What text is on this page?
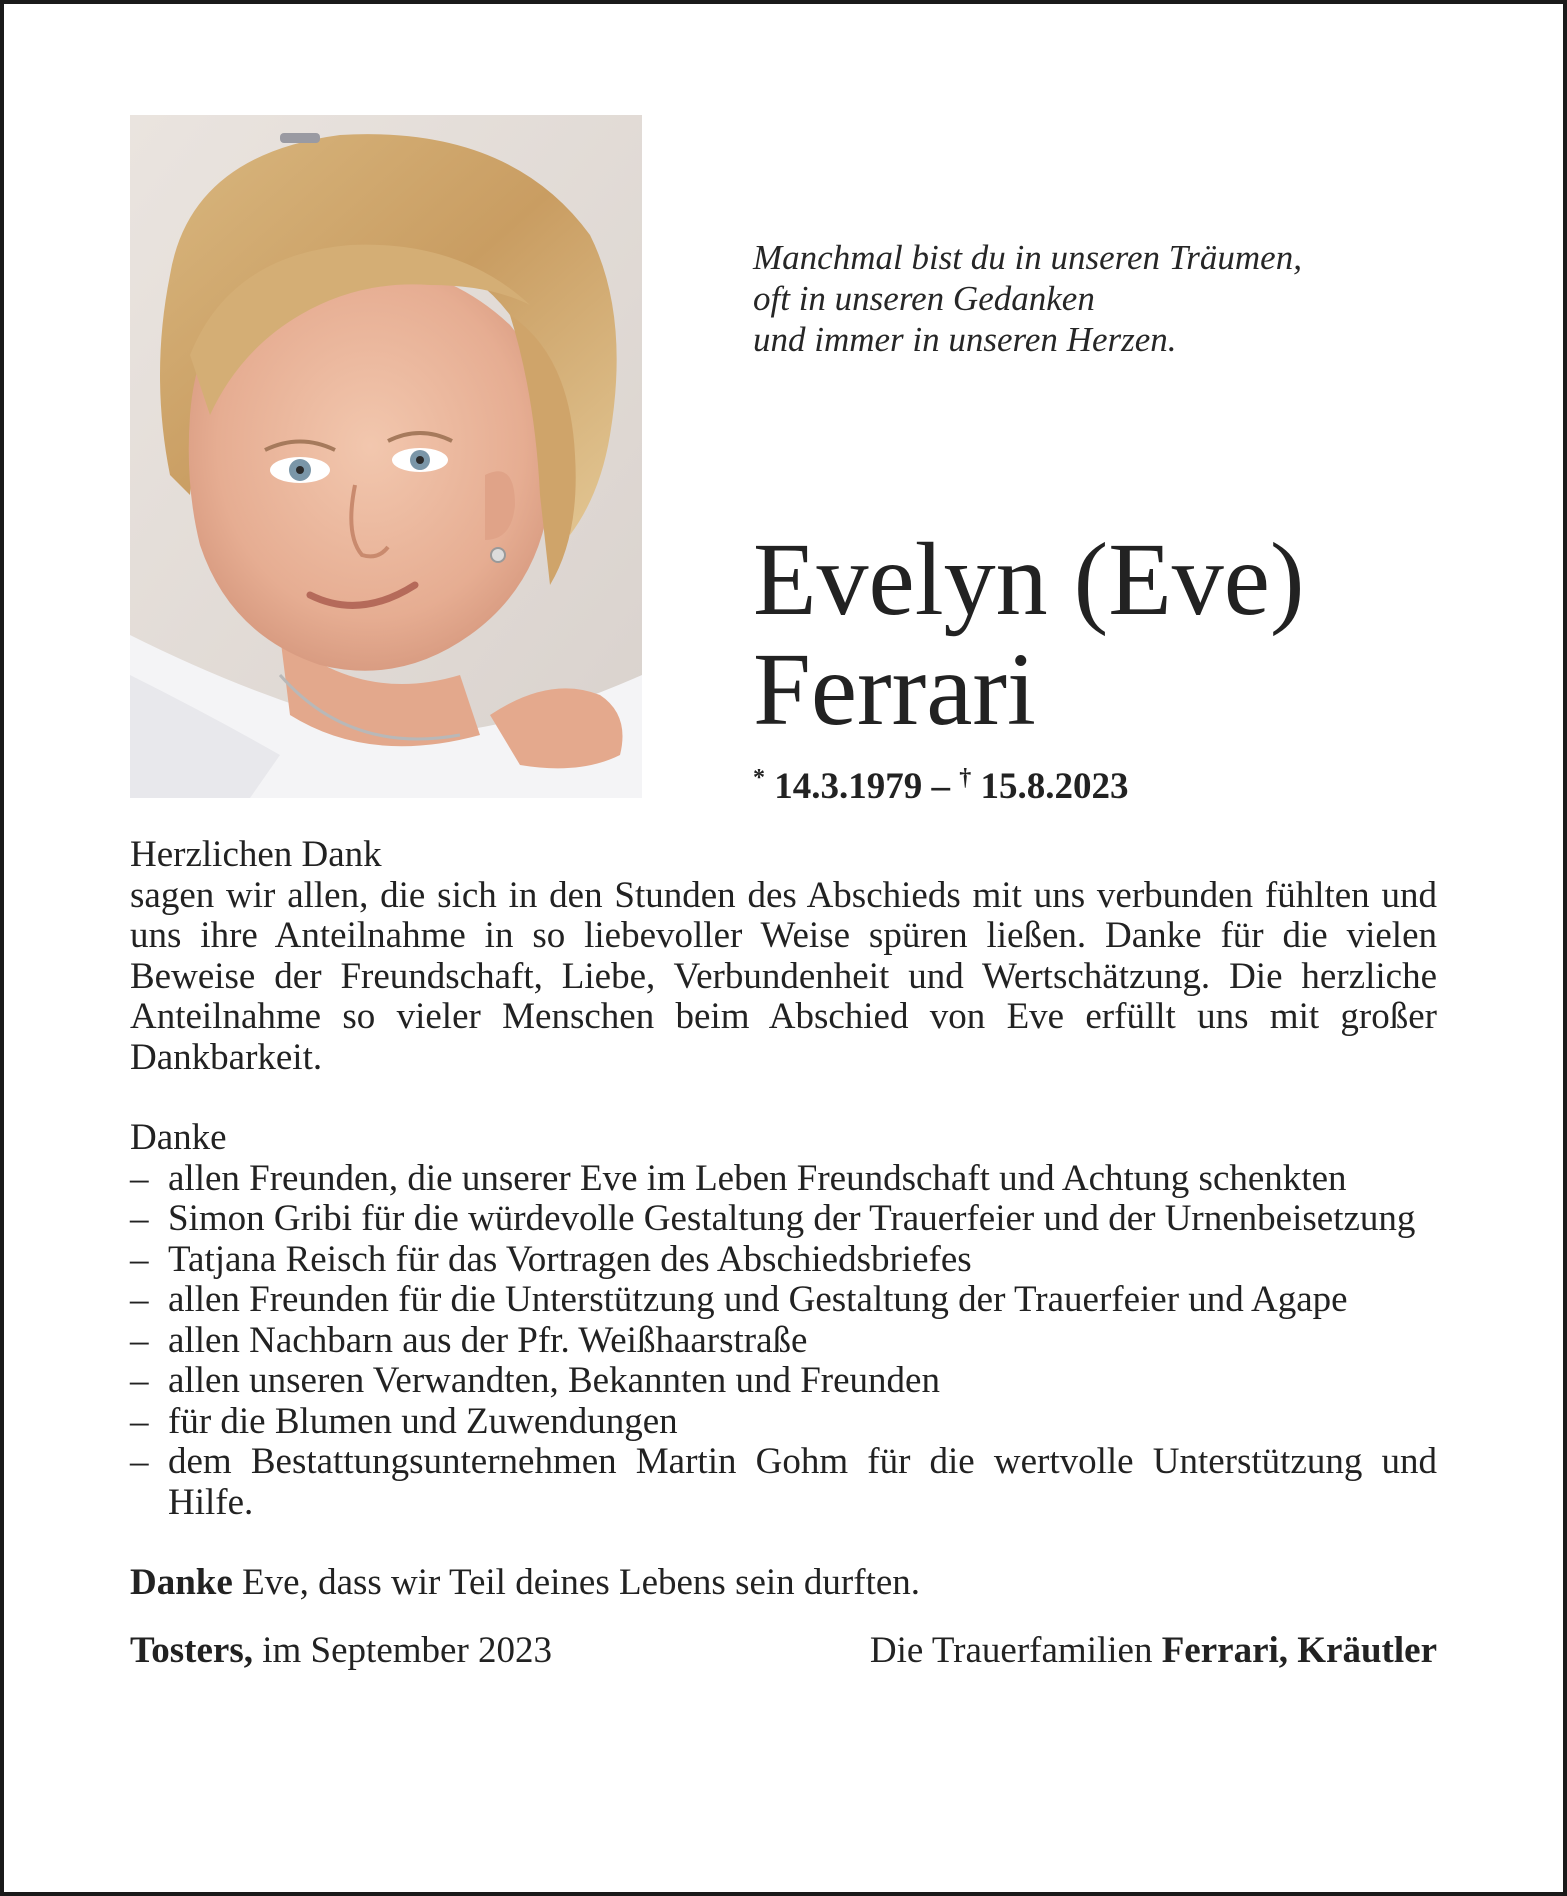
Manchmal bist du in unseren Träumen,
oft in unseren Gedanken
und immer in unseren Herzen.
Evelyn (Eve)
Ferrari
* 14.3.1979 – † 15.8.2023

Herzlichen Dank

sagen wir allen, die sich in den Stunden des Abschieds mit uns verbunden fühlten und uns ihre Anteilnahme in so liebevoller Weise spüren ließen. Danke für die vielen Beweise der Freundschaft, Liebe, Verbundenheit und Wertschätzung. Die herzliche Anteilnahme so vieler Menschen beim Abschied von Eve erfüllt uns mit großer Dankbarkeit.

Danke
– allen Freunden, die unserer Eve im Leben Freundschaft und Achtung schenkten
– Simon Gribi für die würdevolle Gestaltung der Trauerfeier und der Urnenbeisetzung
– Tatjana Reisch für das Vortragen des Abschiedsbriefes
– allen Freunden für die Unterstützung und Gestaltung der Trauerfeier und Agape
– allen Nachbarn aus der Pfr. Weißhaarstraße
– allen unseren Verwandten, Bekannten und Freunden
– für die Blumen und Zuwendungen
– dem Bestattungsunternehmen Martin Gohm für die wertvolle Unterstützung und Hilfe.
Danke Eve, dass wir Teil deines Lebens sein durften.
Tosters, im September 2023	Die Trauerfamilien Ferrari, Kräutler
